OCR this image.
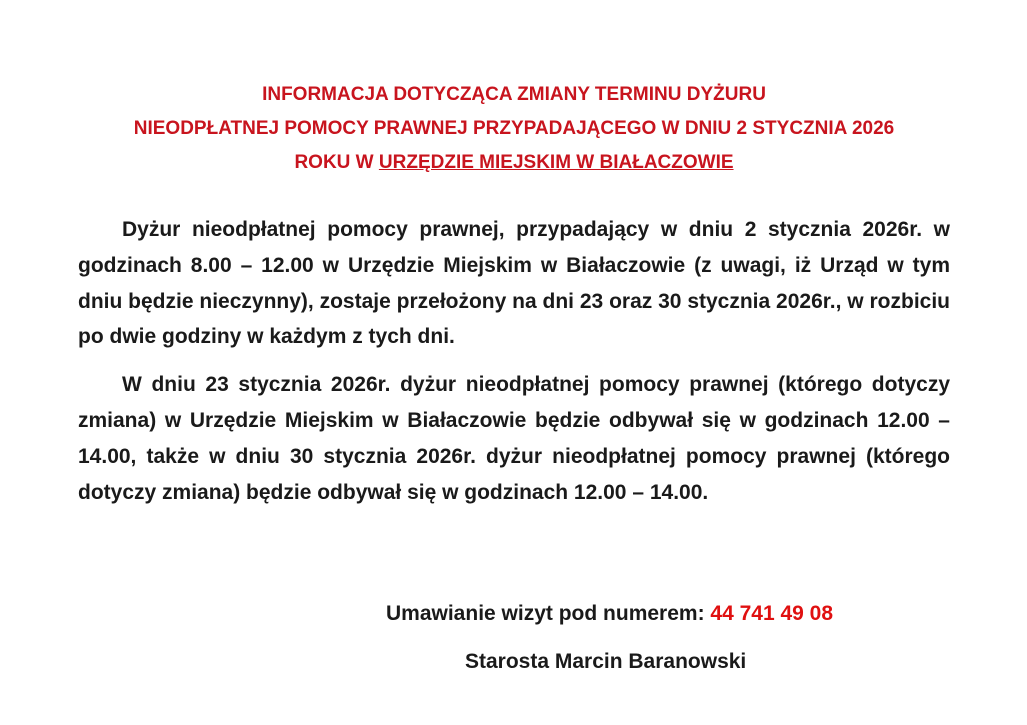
INFORMACJA DOTYCZĄCA ZMIANY TERMINU DYŻURU
NIEODPŁATNEJ POMOCY PRAWNEJ PRZYPADAJĄCEGO W DNIU 2 STYCZNIA 2026
ROKU W URZĘDZIE MIEJSKIM W BIAŁACZOWIE

Dyżur nieodpłatnej pomocy prawnej, przypadający w dniu 2 stycznia 2026r. w godzinach 8.00 – 12.00 w Urzędzie Miejskim w Białaczowie (z uwagi, iż Urząd w tym dniu będzie nieczynny), zostaje przełożony na dni 23 oraz 30 stycznia 2026r., w rozbiciu po dwie godziny w każdym z tych dni.

W dniu 23 stycznia 2026r. dyżur nieodpłatnej pomocy prawnej (którego dotyczy zmiana) w Urzędzie Miejskim w Białaczowie będzie odbywał się w godzinach 12.00 – 14.00, także w dniu 30 stycznia 2026r. dyżur nieodpłatnej pomocy prawnej (którego dotyczy zmiana) będzie odbywał się w godzinach 12.00 – 14.00.

Umawianie wizyt pod numerem: 44 741 49 08
Starosta Marcin Baranowski
